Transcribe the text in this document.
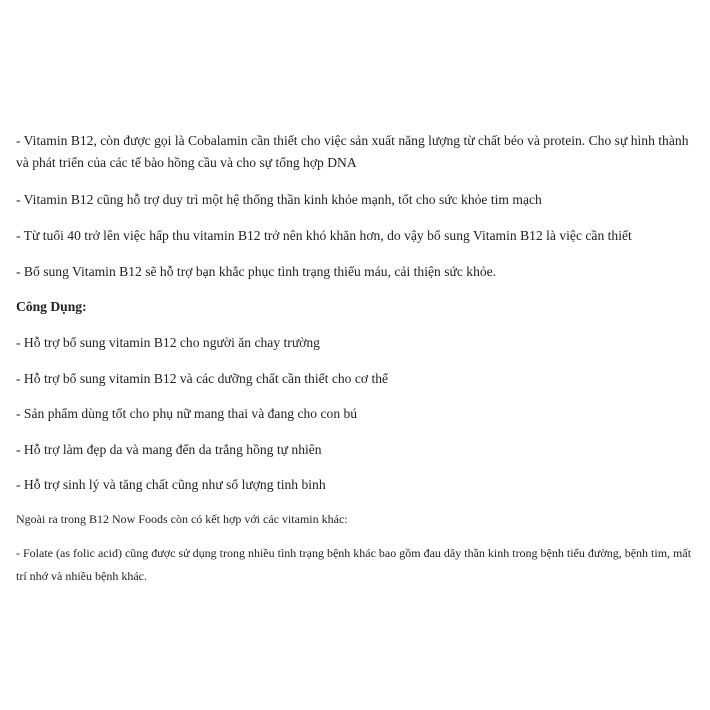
- Vitamin B12, còn được gọi là Cobalamin cần thiết cho việc sản xuất năng lượng từ chất béo và protein. Cho sự hình thành và phát triển của các tế bào hồng cầu và cho sự tổng hợp DNA
- Vitamin B12 cũng hỗ trợ duy trì một hệ thống thần kinh khỏe mạnh, tốt cho sức khỏe tim mạch
- Từ tuổi 40 trở lên việc hấp thu vitamin B12 trở nên khó khăn hơn, do vậy bổ sung Vitamin B12 là việc cần thiết
- Bổ sung Vitamin B12 sẽ hỗ trợ bạn khắc phục tình trạng thiếu máu, cải thiện sức khỏe.
Công Dụng:
- Hỗ trợ bổ sung vitamin B12 cho người ăn chay trường
- Hỗ trợ bổ sung vitamin B12 và các dưỡng chất cần thiết cho cơ thể
- Sản phẩm dùng tốt cho phụ nữ mang thai và đang cho con bú
- Hỗ trợ làm đẹp da và mang đến da trắng hồng tự nhiên
- Hỗ trợ sinh lý và tăng chất cũng như số lượng tinh binh
Ngoài ra trong B12 Now Foods còn có kết hợp với các vitamin khác:
- Folate (as folic acid) cũng được sử dụng trong nhiều tình trạng bệnh khác bao gồm đau dây thần kinh trong bệnh tiểu đường, bệnh tim, mất trí nhớ và nhiều bệnh khác.
